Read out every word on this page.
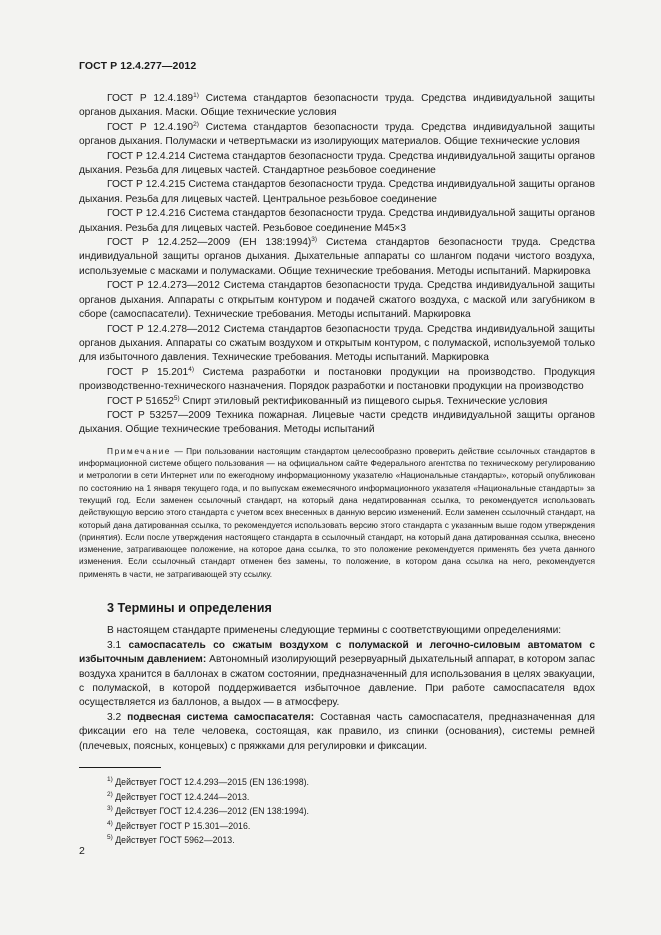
ГОСТ Р 12.4.277—2012

ГОСТ Р 12.4.189$^{1)}$ Система стандартов безопасности труда. Средства индивидуальной защиты органов дыхания. Маски. Общие технические условия

ГОСТ Р 12.4.190$^{2)}$ Система стандартов безопасности труда. Средства индивидуальной защиты органов дыхания. Полумаски и четвертьмаски из изолирующих материалов. Общие технические условия

ГОСТ Р 12.4.214 Система стандартов безопасности труда. Средства индивидуальной защиты органов дыхания. Резьба для лицевых частей. Стандартное резьбовое соединение

ГОСТ Р 12.4.215 Система стандартов безопасности труда. Средства индивидуальной защиты органов дыхания. Резьба для лицевых частей. Центральное резьбовое соединение

ГОСТ Р 12.4.216 Система стандартов безопасности труда. Средства индивидуальной защиты органов дыхания. Резьба для лицевых частей. Резьбовое соединение М45×3

ГОСТ Р 12.4.252—2009 (ЕН 138:1994)$^{3)}$ Система стандартов безопасности труда. Средства индивидуальной защиты органов дыхания. Дыхательные аппараты со шлангом подачи чистого воздуха, используемые с масками и полумасками. Общие технические требования. Методы испытаний. Маркировка

ГОСТ Р 12.4.273—2012 Система стандартов безопасности труда. Средства индивидуальной защиты органов дыхания. Аппараты с открытым контуром и подачей сжатого воздуха, с маской или загубником в сборе (самоспасатели). Технические требования. Методы испытаний. Маркировка

ГОСТ Р 12.4.278—2012 Система стандартов безопасности труда. Средства индивидуальной защиты органов дыхания. Аппараты со сжатым воздухом и открытым контуром, с полумаской, используемой только для избыточного давления. Технические требования. Методы испытаний. Маркировка

ГОСТ Р 15.201$^{4)}$ Система разработки и постановки продукции на производство. Продукция производственно-технического назначения. Порядок разработки и постановки продукции на производство

ГОСТ Р 51652$^{5)}$ Спирт этиловый ректификованный из пищевого сырья. Технические условия

ГОСТ Р 53257—2009 Техника пожарная. Лицевые части средств индивидуальной защиты органов дыхания. Общие технические требования. Методы испытаний

Примечание — При пользовании настоящим стандартом целесообразно проверить действие ссылочных стандартов в информационной системе общего пользования — на официальном сайте Федерального агентства по техническому регулированию и метрологии в сети Интернет или по ежегодному информационному указателю «Национальные стандарты», который опубликован по состоянию на 1 января текущего года, и по выпускам ежемесячного информационного указателя «Национальные стандарты» за текущий год. Если заменен ссылочный стандарт, на который дана недатированная ссылка, то рекомендуется использовать действующую версию этого стандарта с учетом всех внесенных в данную версию изменений. Если заменен ссылочный стандарт, на который дана датированная ссылка, то рекомендуется использовать версию этого стандарта с указанным выше годом утверждения (принятия). Если после утверждения настоящего стандарта в ссылочный стандарт, на который дана датированная ссылка, внесено изменение, затрагивающее положение, на которое дана ссылка, то это положение рекомендуется применять без учета данного изменения. Если ссылочный стандарт отменен без замены, то положение, в котором дана ссылка на него, рекомендуется применять в части, не затрагивающей эту ссылку.

3 Термины и определения

В настоящем стандарте применены следующие термины с соответствующими определениями:

3.1 самоспасатель со сжатым воздухом с полумаской и легочно-силовым автоматом с избыточным давлением: Автономный изолирующий резервуарный дыхательный аппарат, в котором запас воздуха хранится в баллонах в сжатом состоянии, предназначенный для использования в целях эвакуации, с полумаской, в которой поддерживается избыточное давление. При работе самоспасателя вдох осуществляется из баллонов, а выдох — в атмосферу.

3.2 подвесная система самоспасателя: Составная часть самоспасателя, предназначенная для фиксации его на теле человека, состоящая, как правило, из спинки (основания), системы ремней (плечевых, поясных, концевых) с пряжками для регулировки и фиксации.

$^{1)}$ Действует ГОСТ 12.4.293—2015 (EN 136:1998).
$^{2)}$ Действует ГОСТ 12.4.244—2013.
$^{3)}$ Действует ГОСТ 12.4.236—2012 (EN 138:1994).
$^{4)}$ Действует ГОСТ Р 15.301—2016.
$^{5)}$ Действует ГОСТ 5962—2013.
2
